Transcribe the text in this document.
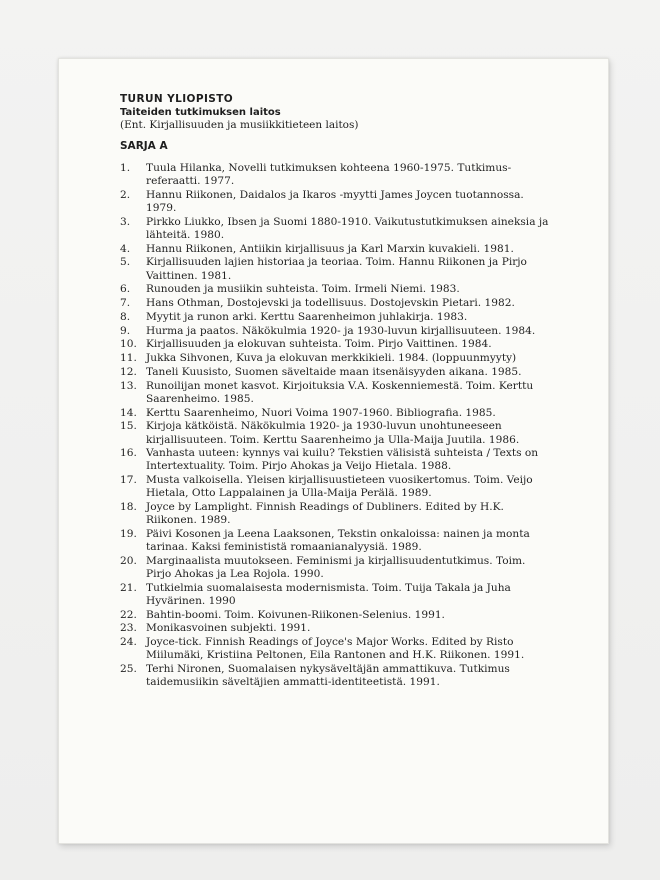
TURUN YLIOPISTO
Taiteiden tutkimuksen laitos
(Ent. Kirjallisuuden ja musiikkitieteen laitos)
SARJA A
1. Tuula Hilanka, Novelli tutkimuksen kohteena 1960-1975. Tutkimus-referaatti. 1977.
2. Hannu Riikonen, Daidalos ja Ikaros -myytti James Joycen tuotannossa. 1979.
3. Pirkko Liukko, Ibsen ja Suomi 1880-1910. Vaikutustutkimuksen aineksia ja lähteitä. 1980.
4. Hannu Riikonen, Antiikin kirjallisuus ja Karl Marxin kuvakieli. 1981.
5. Kirjallisuuden lajien historiaa ja teoriaa. Toim. Hannu Riikonen ja Pirjo Vaittinen. 1981.
6. Runouden ja musiikin suhteista. Toim. Irmeli Niemi. 1983.
7. Hans Othman, Dostojevski ja todellisuus. Dostojevskin Pietari. 1982.
8. Myytit ja runon arki. Kerttu Saarenheimon juhlakirja. 1983.
9. Hurma ja paatos. Näkökulmia 1920- ja 1930-luvun kirjallisuuteen. 1984.
10. Kirjallisuuden ja elokuvan suhteista. Toim. Pirjo Vaittinen. 1984.
11. Jukka Sihvonen, Kuva ja elokuvan merkkikieli. 1984. (loppuunmyyty)
12. Taneli Kuusisto, Suomen säveltaide maan itsenäisyyden aikana. 1985.
13. Runoilijan monet kasvot. Kirjoituksia V.A. Koskenniemestä. Toim. Kerttu Saarenheimo. 1985.
14. Kerttu Saarenheimo, Nuori Voima 1907-1960. Bibliografia. 1985.
15. Kirjoja kätköistä. Näkökulmia 1920- ja 1930-luvun unohtuneeseen kirjallisuuteen. Toim. Kerttu Saarenheimo ja Ulla-Maija Juutila. 1986.
16. Vanhasta uuteen: kynnys vai kuilu? Tekstien välisistä suhteista / Texts on Intertextuality. Toim. Pirjo Ahokas ja Veijo Hietala. 1988.
17. Musta valkoisella. Yleisen kirjallisuustieteen vuosikertomus. Toim. Veijo Hietala, Otto Lappalainen ja Ulla-Maija Perälä. 1989.
18. Joyce by Lamplight. Finnish Readings of Dubliners. Edited by H.K. Riikonen. 1989.
19. Päivi Kosonen ja Leena Laaksonen, Tekstin onkaloissa: nainen ja monta tarinaa. Kaksi feminististä romaanianalyysiä. 1989.
20. Marginaalista muutokseen. Feminismi ja kirjallisuudentutkimus. Toim. Pirjo Ahokas ja Lea Rojola. 1990.
21. Tutkielmia suomalaisesta modernismista. Toim. Tuija Takala ja Juha Hyvärinen. 1990
22. Bahtin-boomi. Toim. Koivunen-Riikonen-Selenius. 1991.
23. Monikasvoinen subjekti. 1991.
24. Joyce-tick. Finnish Readings of Joyce's Major Works. Edited by Risto Miilumäki, Kristiina Peltonen, Eila Rantonen and H.K. Riikonen. 1991.
25. Terhi Nironen, Suomalaisen nykysäveltäjän ammattikuva. Tutkimus taidemusiikin säveltäjien ammatti-identiteetistä. 1991.
